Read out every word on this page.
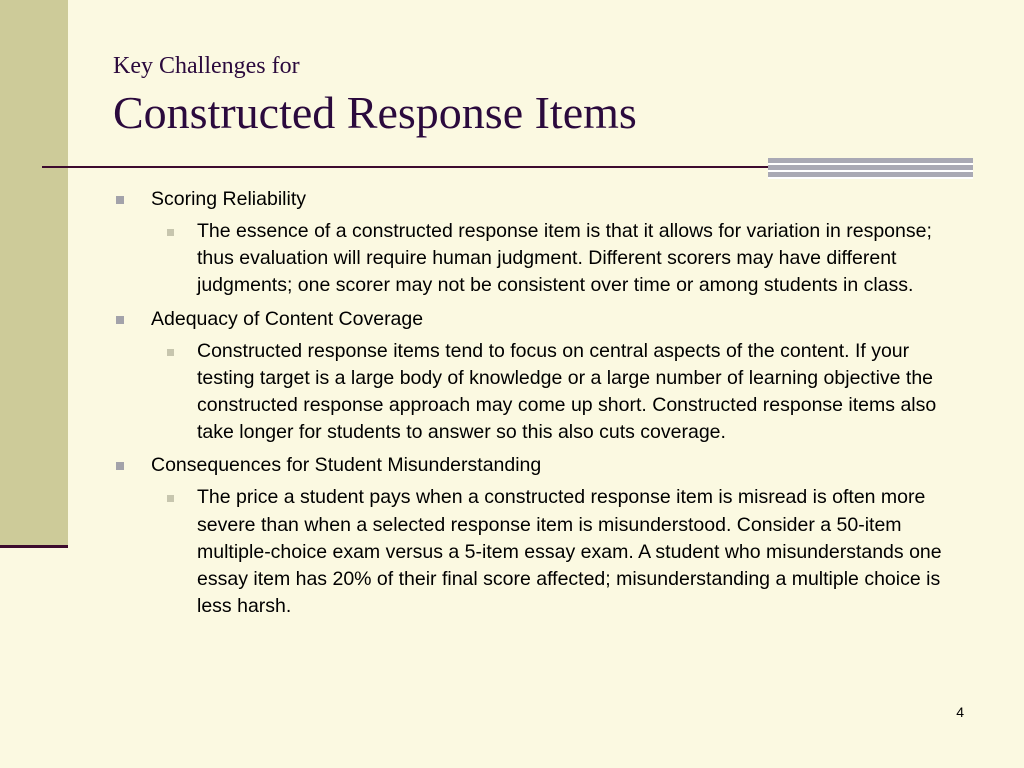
Key Challenges for
Constructed Response Items
Scoring Reliability
The essence of a constructed response item is that it allows for variation in response; thus evaluation will require human judgment. Different scorers may have different judgments; one scorer may not be consistent over time or among students in class.
Adequacy of Content Coverage
Constructed response items tend to focus on central aspects of the content. If your testing target is a large body of knowledge or a large number of learning objective the constructed response approach may come up short. Constructed response items also take longer for students to answer so this also cuts coverage.
Consequences for Student Misunderstanding
The price a student pays when a constructed response item is misread is often more severe than when a selected response item is misunderstood. Consider a 50-item multiple-choice exam versus a 5-item essay exam. A student who misunderstands one essay item has 20% of their final score affected; misunderstanding a multiple choice is less harsh.
4
